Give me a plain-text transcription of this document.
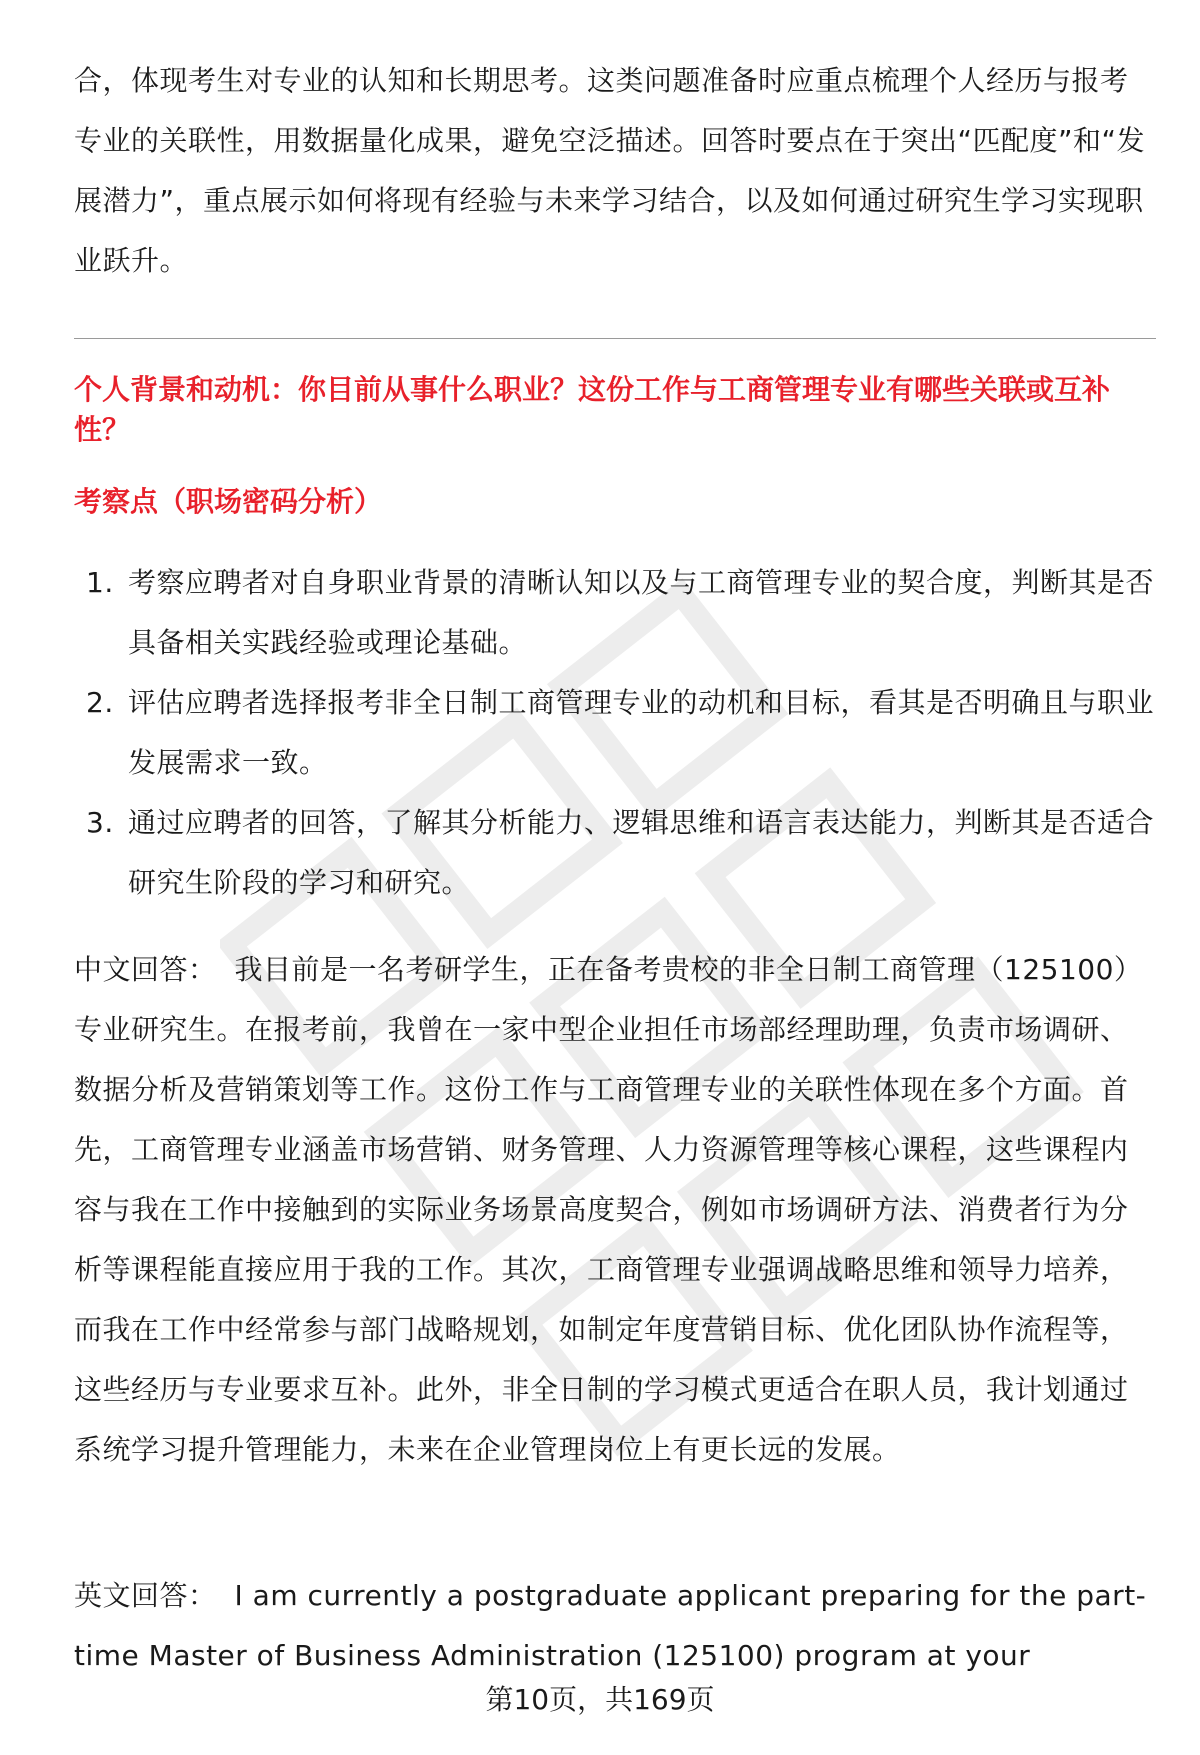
合，体现考生对专业的认知和长期思考。这类问题准备时应重点梳理个人经历与报考专业的关联性，用数据量化成果，避免空泛描述。回答时要点在于突出“匹配度”和“发展潜力”，重点展示如何将现有经验与未来学习结合，以及如何通过研究生学习实现职业跃升。

个人背景和动机：你目前从事什么职业？这份工作与工商管理专业有哪些关联或互补性？

考察点（职场密码分析）

1. 考察应聘者对自身职业背景的清晰认知以及与工商管理专业的契合度，判断其是否具备相关实践经验或理论基础。
2. 评估应聘者选择报考非全日制工商管理专业的动机和目标，看其是否明确且与职业发展需求一致。
3. 通过应聘者的回答，了解其分析能力、逻辑思维和语言表达能力，判断其是否适合研究生阶段的学习和研究。

中文回答： 我目前是一名考研学生，正在备考贵校的非全日制工商管理（125100）专业研究生。在报考前，我曾在一家中型企业担任市场部经理助理，负责市场调研、数据分析及营销策划等工作。这份工作与工商管理专业的关联性体现在多个方面。首先，工商管理专业涵盖市场营销、财务管理、人力资源管理等核心课程，这些课程内容与我在工作中接触到的实际业务场景高度契合，例如市场调研方法、消费者行为分析等课程能直接应用于我的工作。其次，工商管理专业强调战略思维和领导力培养，而我在工作中经常参与部门战略规划，如制定年度营销目标、优化团队协作流程等，这些经历与专业要求互补。此外，非全日制的学习模式更适合在职人员，我计划通过系统学习提升管理能力，未来在企业管理岗位上有更长远的发展。

英文回答： I am currently a postgraduate applicant preparing for the part-time Master of Business Administration (125100) program at your

第10页，共169页
